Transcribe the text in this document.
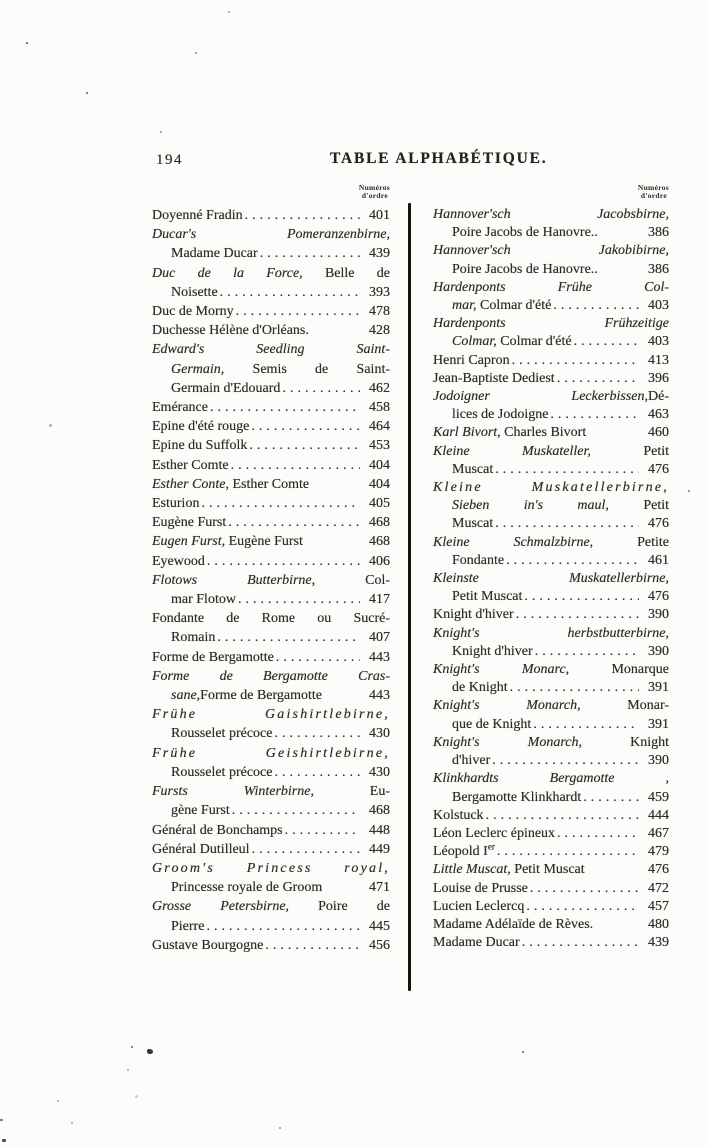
194	TABLE ALPHABÉTIQUE.
Numéros
d'ordre
Doyenné Fradin .....	401
Ducar's Pomeranzenbirne,
Madame Ducar .....	439
Duc de la Force, Belle de
Noisette .....	393
Duc de Morny .....	478
Duchesse Hélène d'Orléans.	428
Edward's Seedling Saint-
Germain, Semis de Saint-
Germain d'Edouard .....	462
Emérance .....	458
Epine d'été rouge .....	464
Epine du Suffolk .....	453
Esther Comte .....	404
Esther Conte, Esther Comte	404
Esturion .....	405
Eugène Furst .....	468
Eugen Furst, Eugène Furst	468
Eyewood .....	406
Flotows Butterbirne, Col-
mar Flotow .....	417
Fondante de Rome ou Sucré-
Romain .....	407
Forme de Bergamotte .....	443
Forme de Bergamotte Cras-
sane,Forme de Bergamotte	443
Frühe Gaishirtlebirne,
Rousselet précoce .....	430
Frühe Geishirtlebirne,
Rousselet précoce .....	430
Fursts Winterbirne, Eu-
gène Furst .....	468
Général de Bonchamps .....	448
Général Dutilleul .....	449
Groom's Princess royal,
Princesse royale de Groom	471
Grosse Petersbirne, Poire de
Pierre .....	445
Gustave Bourgogne .....	456
Numéros
d'ordre
Hannover'sch Jacobsbirne,
Poire Jacobs de Hanovre..	386
Hannover'sch Jakobibirne,
Poire Jacobs de Hanovre..	386
Hardenponts Frühe Col-
mar, Colmar d'été .....	403
Hardenponts Frühzeitige
Colmar, Colmar d'été .....	403
Henri Capron .....	413
Jean-Baptiste Dediest .....	396
Jodoigner Leckerbissen,Dé-
lices de Jodoigne .....	463
Karl Bivort, Charles Bivort	460
Kleine Muskateller, Petit
Muscat .....	476
Kleine Muskatellerbirne,
Sieben in's maul, Petit
Muscat .....	476
Kleine Schmalzbirne, Petite
Fondante .....	461
Kleinste Muskatellerbirne,
Petit Muscat .....	476
Knight d'hiver .....	390
Knight's herbstbutterbirne,
Knight d'hiver .....	390
Knight's Monarc, Monarque
de Knight .....	391
Knight's Monarch, Monar-
que de Knight .....	391
Knight's Monarch, Knight
d'hiver .....	390
Klinkhardts Bergamotte ,
Bergamotte Klinkhardt .....	459
Kolstuck .....	444
Léon Leclerc épineux .....	467
Léopold Ier .....	479
Little Muscat, Petit Muscat	476
Louise de Prusse .....	472
Lucien Leclercq .....	457
Madame Adélaïde de Rèves.	480
Madame Ducar .....	439
